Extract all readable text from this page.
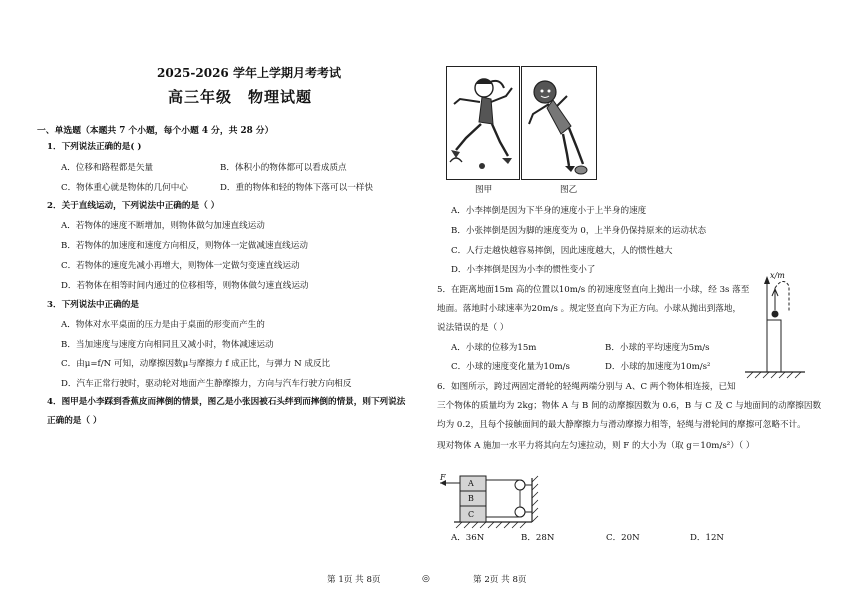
2025-2026 学年上学期月考考试
高三年级 物理试题
一、单选题（本题共 7 个小题，每个小题 4 分，共 28 分）
1．下列说法正确的是( )
A．位移和路程都是矢量	B．体积小的物体都可以看成质点
C．物体重心就是物体的几何中心	D．重的物体和轻的物体下落可以一样快
2．关于直线运动，下列说法中正确的是（ ）
A．若物体的速度不断增加，则物体做匀加速直线运动
B．若物体的加速度和速度方向相反，则物体一定做减速直线运动
C．若物体的速度先减小再增大，则物体一定做匀变速直线运动
D．若物体在相等时间内通过的位移相等，则物体做匀速直线运动
3．下列说法中正确的是
A．物体对水平桌面的压力是由于桌面的形变而产生的
B．当加速度与速度方向相同且又减小时，物体减速运动
C．由μ=f/N 可知，动摩擦因数μ与摩擦力 f 成正比，与弹力 N 成反比
D．汽车正常行驶时，驱动轮对地面产生静摩擦力，方向与汽车行驶方向相反
4．图甲是小李踩到香蕉皮而摔倒的情景，图乙是小张因被石头绊到而摔倒的情景，则下列说法
正确的是（ ）
图甲	图乙
A．小李摔倒是因为下半身的速度小于上半身的速度
B．小张摔倒是因为脚的速度变为 0，上半身仍保持原来的运动状态
C．人行走越快越容易摔倒，因此速度越大，人的惯性越大
D．小李摔倒是因为小李的惯性变小了
5．在距离地面15m 高的位置以10m/s 的初速度竖直向上抛出一小球，经 3s 落至
地面。落地时小球速率为20m/s 。规定竖直向下为正方向。小球从抛出到落地，
说法错误的是（ ）
x/m
A．小球的位移为15m	B．小球的平均速度为5m/s
C．小球的速度变化量为10m/s	D．小球的加速度为10m/s²
6．如图所示，跨过两固定滑轮的轻绳两端分别与 A、C 两个物体相连接，已知
三个物体的质量均为 2kg；物体 A 与 B 间的动摩擦因数为 0.6，B 与 C 及 C 与地面间的动摩擦因数
均为 0.2，且每个接触面间的最大静摩擦力与滑动摩擦力相等，轻绳与滑轮间的摩擦可忽略不计。
现对物体 A 施加一水平力将其向左匀速拉动，则 F 的大小为（取 g＝10m/s²）（ ）
F
A
B
C
A．36N	B．28N	C．20N	D．12N
第 1页 共 8页	◎	第 2页 共 8页
